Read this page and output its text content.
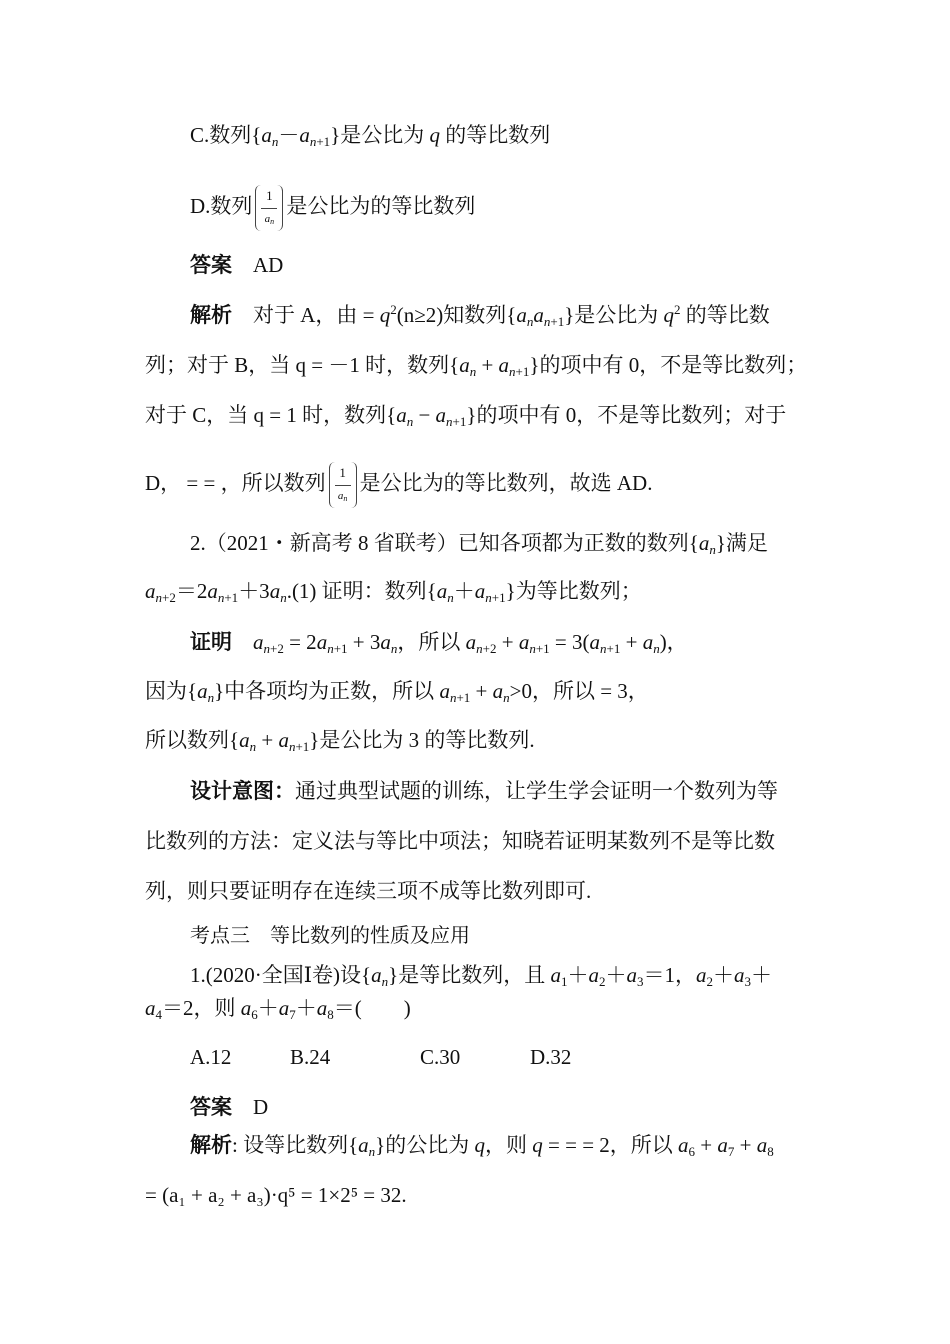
C.数列$\{a_n-a_{n+1}\}$是公比为 q 的等比数列
D.数列 $\frac{1}{a_n}$ 是公比为的等比数列
答案 AD
解析 对于 A，由 = $q^2(n\ge 2)$知数列$\{a_na_{n+1}\}$是公比为 $q^2$ 的等比数
列；对于 B，当 q = －1 时，数列$\{a_n + a_{n+1}\}$的项中有 0，不是等比数列；
对于 C，当 q = 1 时，数列$\{a_n - a_{n+1}\}$的项中有 0，不是等比数列；对于
D， = = ，所以数列 $\frac{1}{a_n}$ 是公比为的等比数列，故选 AD.
2.（2021・新高考 8 省联考）已知各项都为正数的数列$\{a_n\}$满足
$a_{n+2}=2a_{n+1}+3a_n.(1)$ 证明：数列$\{a_n+a_{n+1}\}$为等比数列；
证明 $a_{n+2} = 2a_{n+1} + 3a_n$，所以 $a_{n+2} + a_{n+1} = 3(a_{n+1} + a_n)$，
因为$\{a_n\}$中各项均为正数，所以 $a_{n+1} + a_n>0$，所以 = 3，
所以数列$\{a_n + a_{n+1}\}$是公比为 3 的等比数列.
设计意图：通过典型试题的训练，让学生学会证明一个数列为等
比数列的方法：定义法与等比中项法；知晓若证明某数列不是等比数
列，则只要证明存在连续三项不成等比数列即可.
考点三　等比数列的性质及应用
1.(2020·全国Ⅰ卷)设$\{a_n\}$是等比数列，且 $a_1+a_2+a_3=1$，$a_2+a_3+$
$a_4=2$，则 $a_6+a_7+a_8=$(　　)
A.12	B.24	C.30	D.32
答案 D
解析: 设等比数列$\{a_n\}$的公比为 q，则 q = = = 2，所以 $a_6 + a_7 + a_8$
= (a₁ + a₂ + a₃)·q⁵ = 1×2⁵ = 32.
